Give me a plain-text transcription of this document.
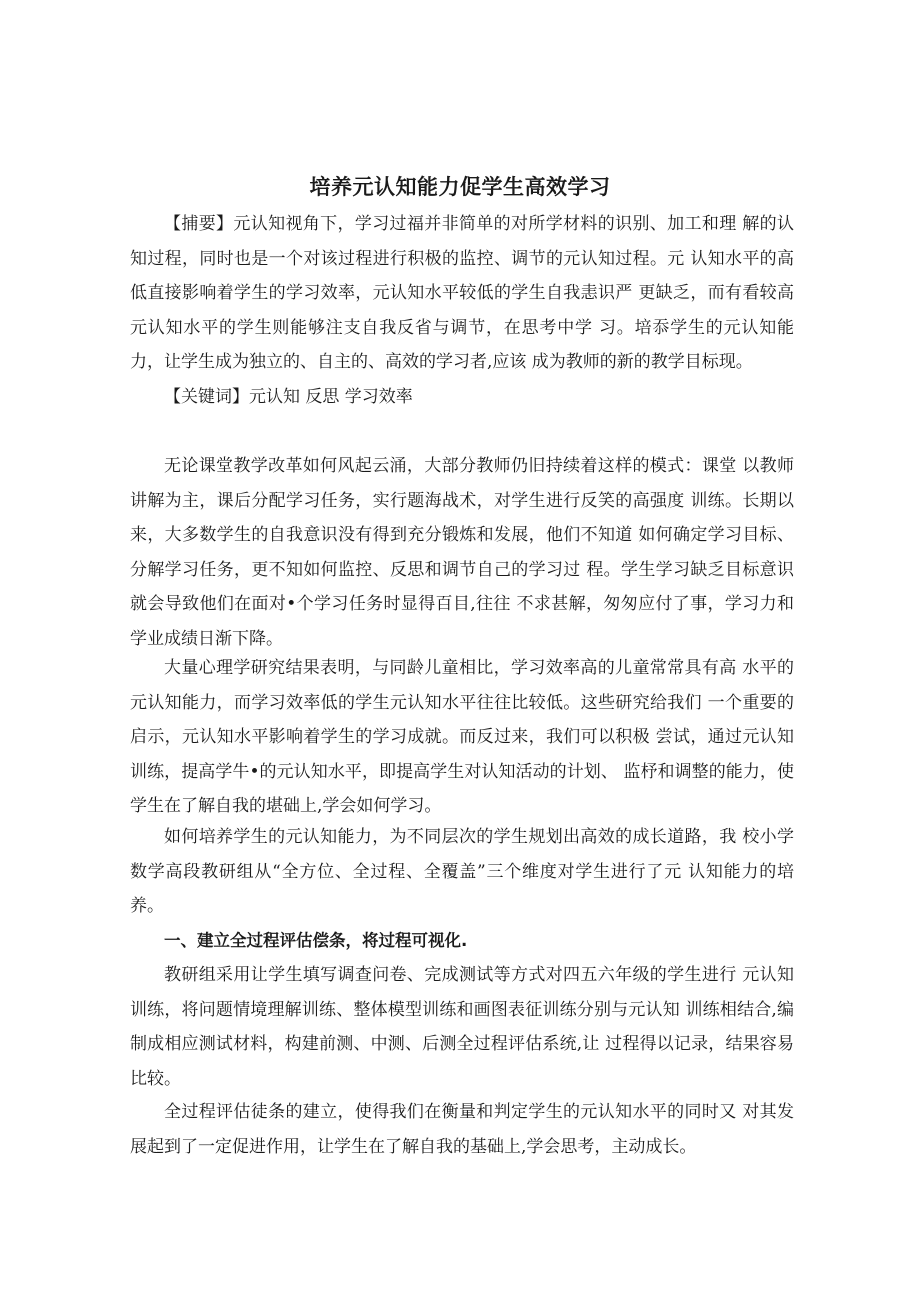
培养元认知能力促学生高效学习

【捕要】元认知视角下，学习过福并非简单的对所学材料的识别、加工和理 解的认知过程，同时也是一个对该过程进行积极的监控、调节的元认知过程。元 认知水平的高低直接影响着学生的学习效率，元认知水平较低的学生自我恚识严 更缺乏，而有看较高元认知水平的学生则能够注支自我反省与调节，在思考中学 习。培忝学生的元认知能力，让学生成为独立的、自主的、高效的学习者,应该 成为教师的新的教学目标现。

【关键词】元认知 反思 学习效率

无论课堂教学改革如何风起云涌，大部分教师仍旧持续着这样的模式：课堂 以教师讲解为主，课后分配学习任务，实行题海战术，对学生进行反笑的高强度 训练。长期以来，大多数学生的自我意识没有得到充分锻炼和发展，他们不知道 如何确定学习目标、分解学习任务，更不知如何监控、反思和调节自己的学习过 程。学生学习缺乏目标意识就会导致他们在面对•个学习任务时显得百目,往往 不求甚解，匆匆应付了事，学习力和学业成绩日渐下降。

大量心理学研究结果表明，与同龄儿童相比，学习效率高的儿童常常具有高 水平的元认知能力，而学习效率低的学生元认知水平往往比较低。这些研究给我们 一个重要的启示，元认知水平影响着学生的学习成就。而反过来，我们可以积极 尝试，通过元认知训练，提高学牛•的元认知水平，即提高学生对认知活动的计划、 监杼和调整的能力，使学生在了解自我的堪础上,学会如何学习。

如何培养学生的元认知能力，为不同层次的学生规划出高效的成长道路，我 校小学数学高段教研组从“全方位、全过程、全覆盖”三个维度对学生进行了元 认知能力的培养。

一、建立全过程评估偿条，将过程可视化.

教研组采用让学生填写调查问卷、完成测试等方式对四五六年级的学生进行 元认知训练，将问题情境理解训练、整体模型训练和画图表征训练分别与元认知 训练相结合,编制成相应测试材料，构建前测、中测、后测全过程评估系统,让 过程得以记录，结果容易比较。

全过程评估徒条的建立，使得我们在衡量和判定学生的元认知水平的同时又 对其发展起到了一定促进作用，让学生在了解自我的基础上,学会思考，主动成长。
